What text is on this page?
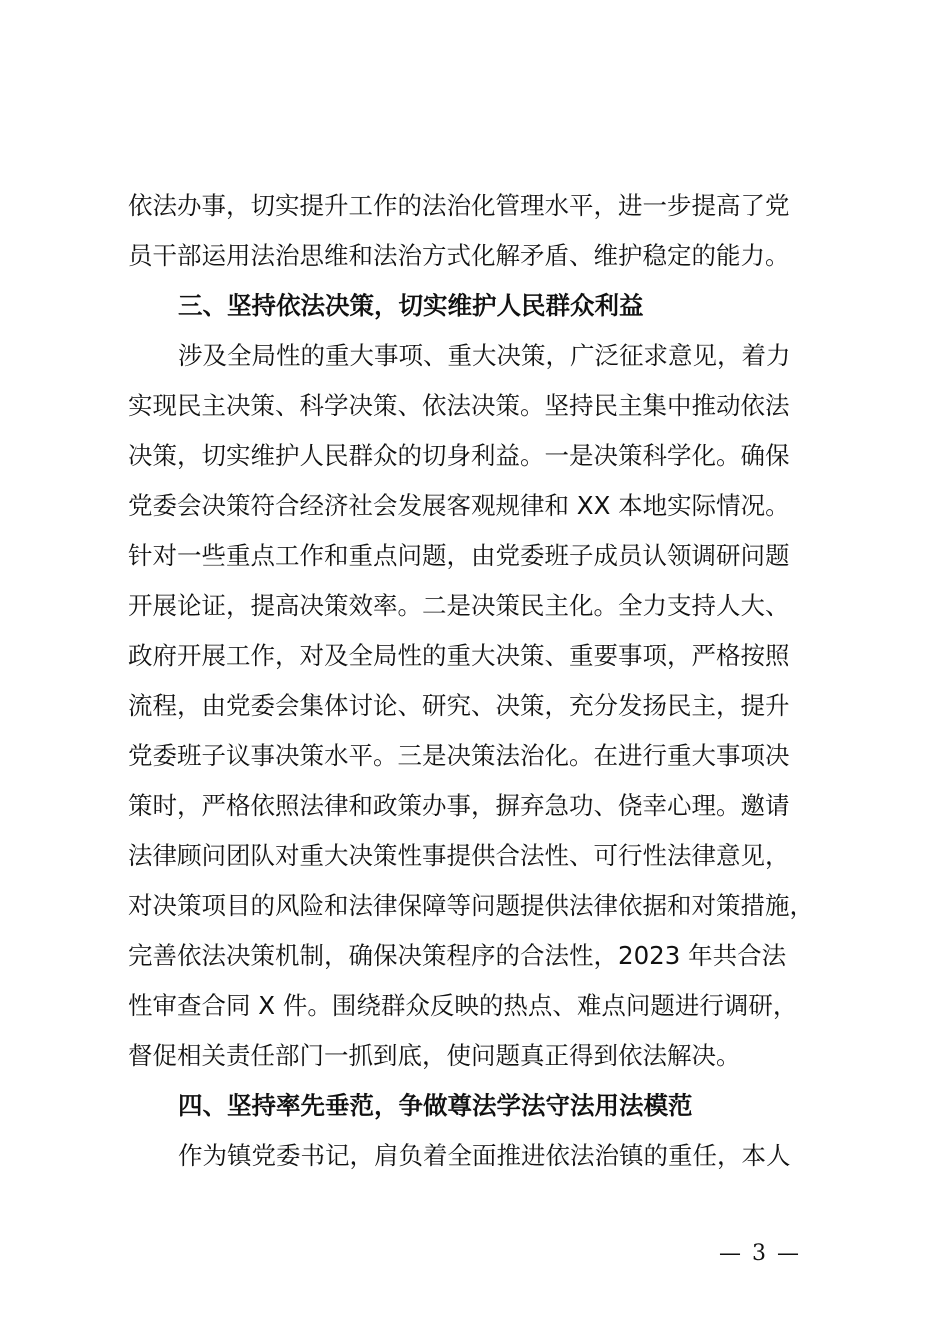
依法办事，切实提升工作的法治化管理水平，进一步提高了党
员干部运用法治思维和法治方式化解矛盾、维护稳定的能力。
三、坚持依法决策，切实维护人民群众利益
涉及全局性的重大事项、重大决策，广泛征求意见，着力
实现民主决策、科学决策、依法决策。坚持民主集中推动依法
决策，切实维护人民群众的切身利益。一是决策科学化。确保
党委会决策符合经济社会发展客观规律和 XX 本地实际情况。
针对一些重点工作和重点问题，由党委班子成员认领调研问题
开展论证，提高决策效率。二是决策民主化。全力支持人大、
政府开展工作，对及全局性的重大决策、重要事项，严格按照
流程，由党委会集体讨论、研究、决策，充分发扬民主，提升
党委班子议事决策水平。三是决策法治化。在进行重大事项决
策时，严格依照法律和政策办事，摒弃急功、侥幸心理。邀请
法律顾问团队对重大决策性事提供合法性、可行性法律意见，
对决策项目的风险和法律保障等问题提供法律依据和对策措施，
完善依法决策机制，确保决策程序的合法性，2023 年共合法
性审查合同 X 件。围绕群众反映的热点、难点问题进行调研，
督促相关责任部门一抓到底，使问题真正得到依法解决。
四、坚持率先垂范，争做尊法学法守法用法模范
作为镇党委书记，肩负着全面推进依法治镇的重任，本人
— 3 —
